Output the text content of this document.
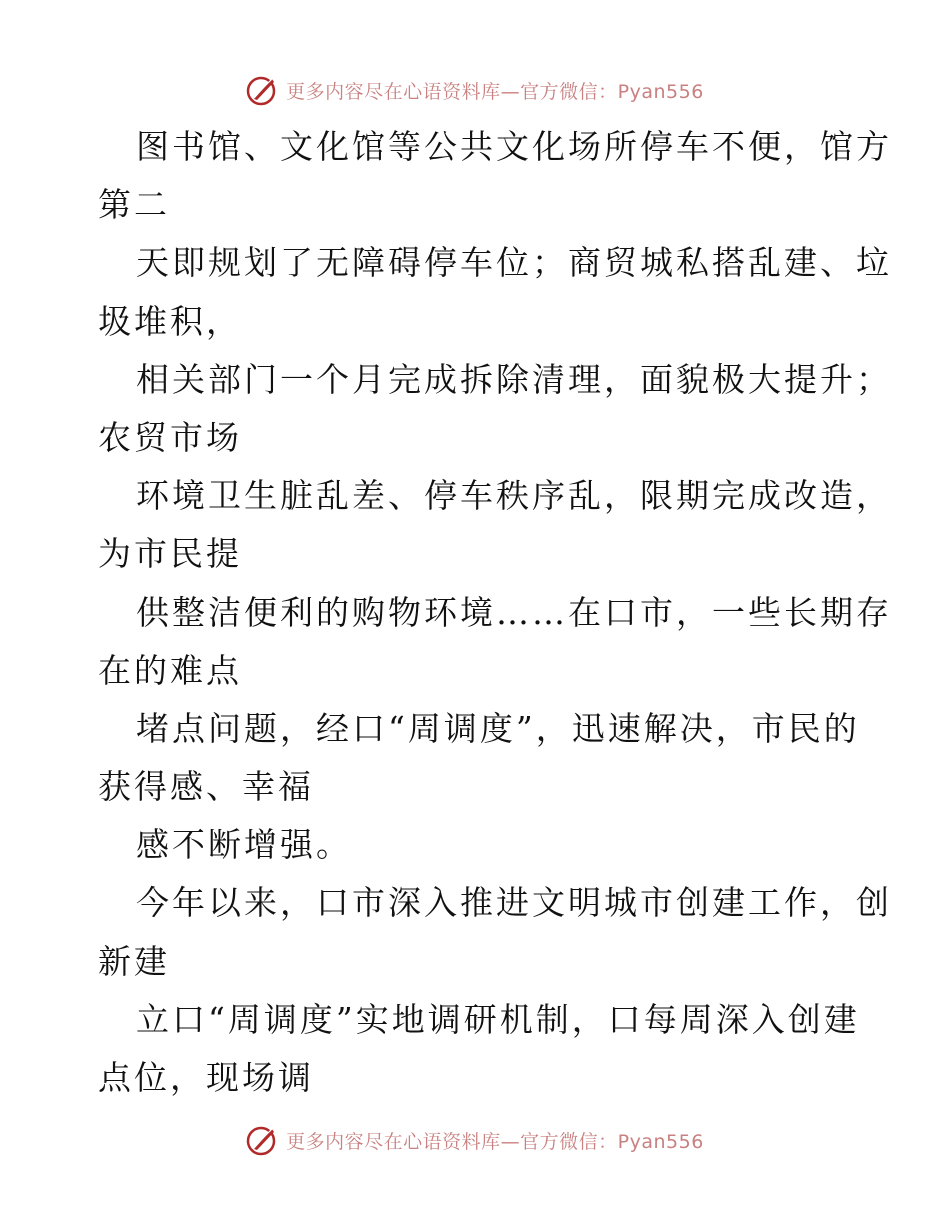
更多内容尽在心语资料库—官方微信：Pyan556
图书馆、文化馆等公共文化场所停车不便，馆方
第二
天即规划了无障碍停车位；商贸城私搭乱建、垃
圾堆积，
相关部门一个月完成拆除清理，面貌极大提升；
农贸市场
环境卫生脏乱差、停车秩序乱，限期完成改造，
为市民提
供整洁便利的购物环境……在口市，一些长期存
在的难点
堵点问题，经口“周调度”，迅速解决，市民的
获得感、幸福
感不断增强。
今年以来，口市深入推进文明城市创建工作，创
新建
立口“周调度”实地调研机制，口每周深入创建
点位，现场调
更多内容尽在心语资料库—官方微信：Pyan556
